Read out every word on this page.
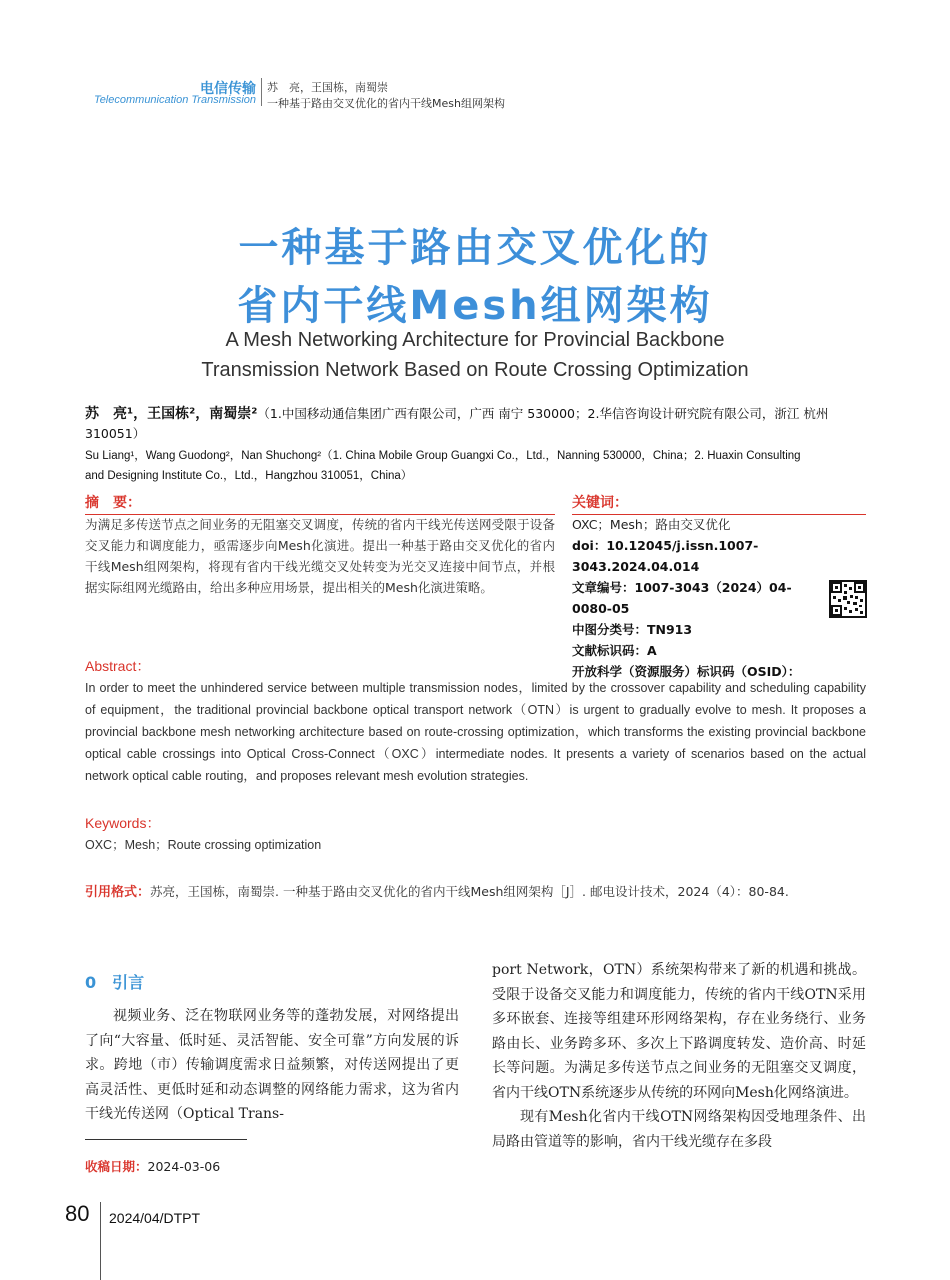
电信传输
Telecommunication Transmission
苏　亮，王国栋，南蜀崇
一种基于路由交叉优化的省内干线Mesh组网架构
一种基于路由交叉优化的
省内干线Mesh组网架构
A Mesh Networking Architecture for Provincial Backbone
Transmission Network Based on Route Crossing Optimization
苏　亮¹，王国栋²，南蜀崇²（1.中国移动通信集团广西有限公司，广西 南宁 530000；2.华信咨询设计研究院有限公司，浙江 杭州 310051）
Su Liang¹，Wang Guodong²，Nan Shuchong²（1. China Mobile Group Guangxi Co.，Ltd.，Nanning 530000，China；2. Huaxin Consulting
and Designing Institute Co.，Ltd.，Hangzhou 310051，China）
摘　要：
为满足多传送节点之间业务的无阻塞交叉调度，传统的省内干线光传送网受限于设备交叉能力和调度能力，亟需逐步向Mesh化演进。提出一种基于路由交叉优化的省内干线Mesh组网架构，将现有省内干线光缆交叉处转变为光交叉连接中间节点，并根据实际组网光缆路由，给出多种应用场景，提出相关的Mesh化演进策略。
关键词：
OXC；Mesh；路由交叉优化
doi：10.12045/j.issn.1007-3043.2024.04.014
文章编号：1007-3043（2024）04-0080-05
中图分类号：TN913
文献标识码：A
开放科学（资源服务）标识码（OSID）：
Abstract：
In order to meet the unhindered service between multiple transmission nodes，limited by the crossover capability and scheduling capability of equipment，the traditional provincial backbone optical transport network（OTN）is urgent to gradually evolve to mesh. It proposes a provincial backbone mesh networking architecture based on route-crossing optimization，which transforms the existing provincial backbone optical cable crossings into Optical Cross-Connect（OXC）intermediate nodes. It presents a variety of scenarios based on the actual network optical cable routing，and proposes relevant mesh evolution strategies.
Keywords：
OXC；Mesh；Route crossing optimization
引用格式：苏亮，王国栋，南蜀崇. 一种基于路由交叉优化的省内干线Mesh组网架构［J］. 邮电设计技术，2024（4）：80-84.
0　引言

视频业务、泛在物联网业务等的蓬勃发展，对网络提出了向“大容量、低时延、灵活智能、安全可靠”方向发展的诉求。跨地（市）传输调度需求日益频繁，对传送网提出了更高灵活性、更低时延和动态调整的网络能力需求，这为省内干线光传送网（Optical Trans-

收稿日期：2024-03-06

port Network，OTN）系统架构带来了新的机遇和挑战。受限于设备交叉能力和调度能力，传统的省内干线OTN采用多环嵌套、连接等组建环形网络架构，存在业务绕行、业务路由长、业务跨多环、多次上下路调度转发、造价高、时延长等问题。为满足多传送节点之间业务的无阻塞交叉调度，省内干线OTN系统逐步从传统的环网向Mesh化网络演进。

现有Mesh化省内干线OTN网络架构因受地理条件、出局路由管道等的影响，省内干线光缆存在多段

80 2024/04/DTPT
